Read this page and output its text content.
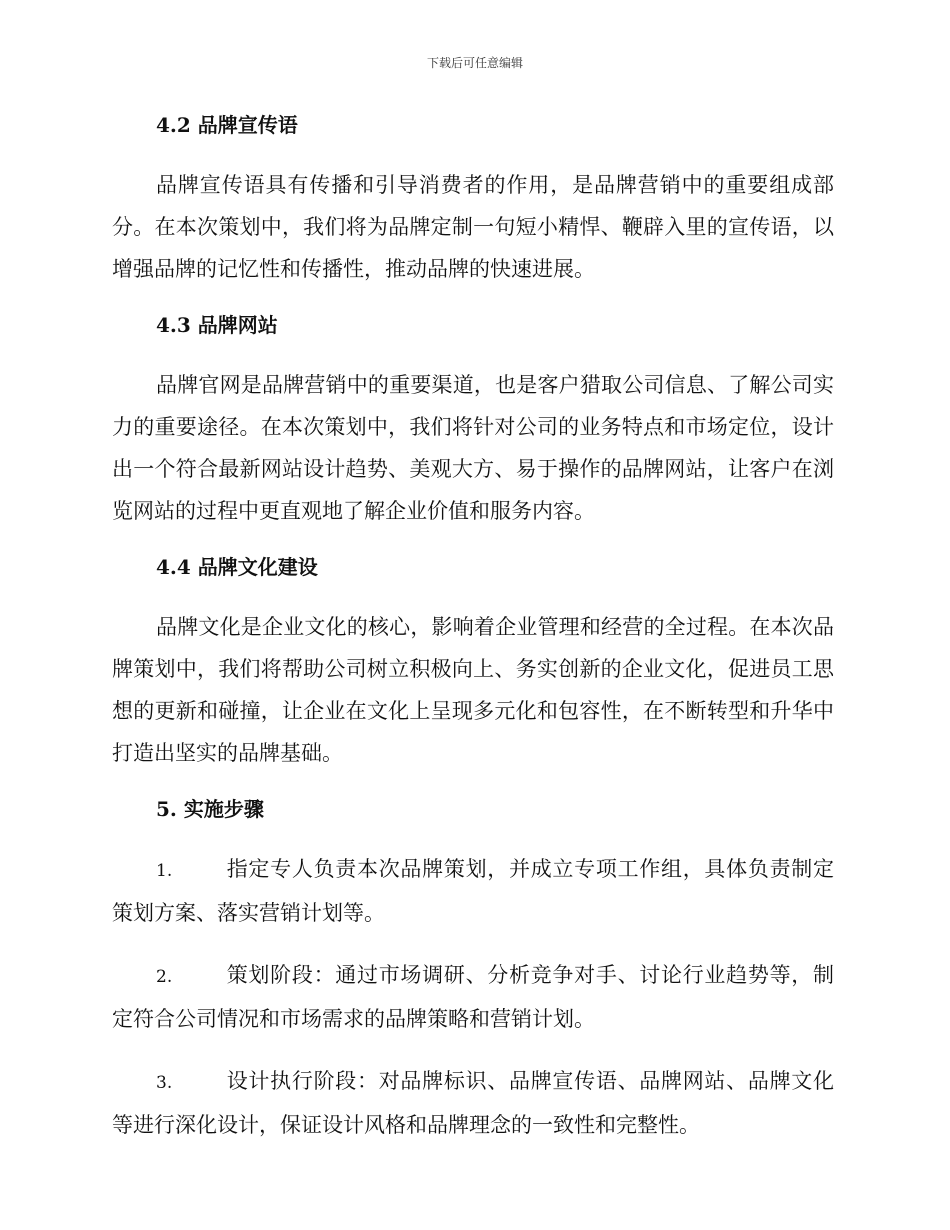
下载后可任意编辑

4.2 品牌宣传语

品牌宣传语具有传播和引导消费者的作用，是品牌营销中的重要组成部分。在本次策划中，我们将为品牌定制一句短小精悍、鞭辟入里的宣传语，以增强品牌的记忆性和传播性，推动品牌的快速进展。

4.3 品牌网站

品牌官网是品牌营销中的重要渠道，也是客户猎取公司信息、了解公司实力的重要途径。在本次策划中，我们将针对公司的业务特点和市场定位，设计出一个符合最新网站设计趋势、美观大方、易于操作的品牌网站，让客户在浏览网站的过程中更直观地了解企业价值和服务内容。

4.4 品牌文化建设

品牌文化是企业文化的核心，影响着企业管理和经营的全过程。在本次品牌策划中，我们将帮助公司树立积极向上、务实创新的企业文化，促进员工思想的更新和碰撞，让企业在文化上呈现多元化和包容性，在不断转型和升华中打造出坚实的品牌基础。

5. 实施步骤

1.	指定专人负责本次品牌策划，并成立专项工作组，具体负责制定策划方案、落实营销计划等。

2.	策划阶段：通过市场调研、分析竞争对手、讨论行业趋势等，制定符合公司情况和市场需求的品牌策略和营销计划。

3.	设计执行阶段：对品牌标识、品牌宣传语、品牌网站、品牌文化等进行深化设计，保证设计风格和品牌理念的一致性和完整性。
